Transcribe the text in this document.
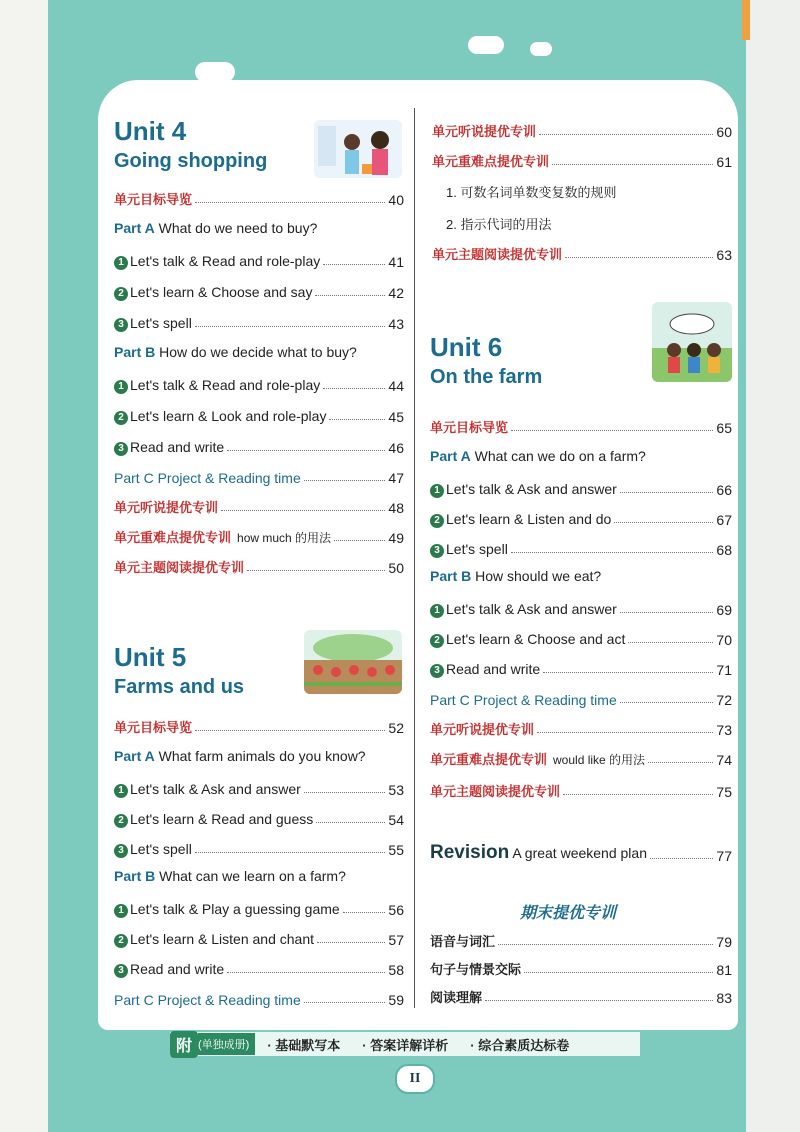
Unit 4
Going shopping
单元目标导览	40
Part A What do we need to buy?
1 Let's talk & Read and role-play	41
2 Let's learn & Choose and say	42
3 Let's spell	43
Part B How do we decide what to buy?
1 Let's talk & Read and role-play	44
2 Let's learn & Look and role-play	45
3 Read and write	46
Part C Project & Reading time	47
单元听说提优专训	48
单元重难点提优专训 how much 的用法	49
单元主题阅读提优专训	50
Unit 5
Farms and us
单元目标导览	52
Part A What farm animals do you know?
1 Let's talk & Ask and answer	53
2 Let's learn & Read and guess	54
3 Let's spell	55
Part B What can we learn on a farm?
1 Let's talk & Play a guessing game	56
2 Let's learn & Listen and chant	57
3 Read and write	58
Part C Project & Reading time	59
单元听说提优专训	60
单元重难点提优专训	61
1. 可数名词单数变复数的规则
2. 指示代词的用法
单元主题阅读提优专训	63
Unit 6
On the farm
单元目标导览	65
Part A What can we do on a farm?
1 Let's talk & Ask and answer	66
2 Let's learn & Listen and do	67
3 Let's spell	68
Part B How should we eat?
1 Let's talk & Ask and answer	69
2 Let's learn & Choose and act	70
3 Read and write	71
Part C Project & Reading time	72
单元听说提优专训	73
单元重难点提优专训 would like 的用法	74
单元主题阅读提优专训	75
Revision A great weekend plan	77
期末提优专训
语音与词汇	79
句子与情景交际	81
阅读理解	83
附 (单独成册)	· 基础默写本 · 答案详解详析 · 综合素质达标卷
II
